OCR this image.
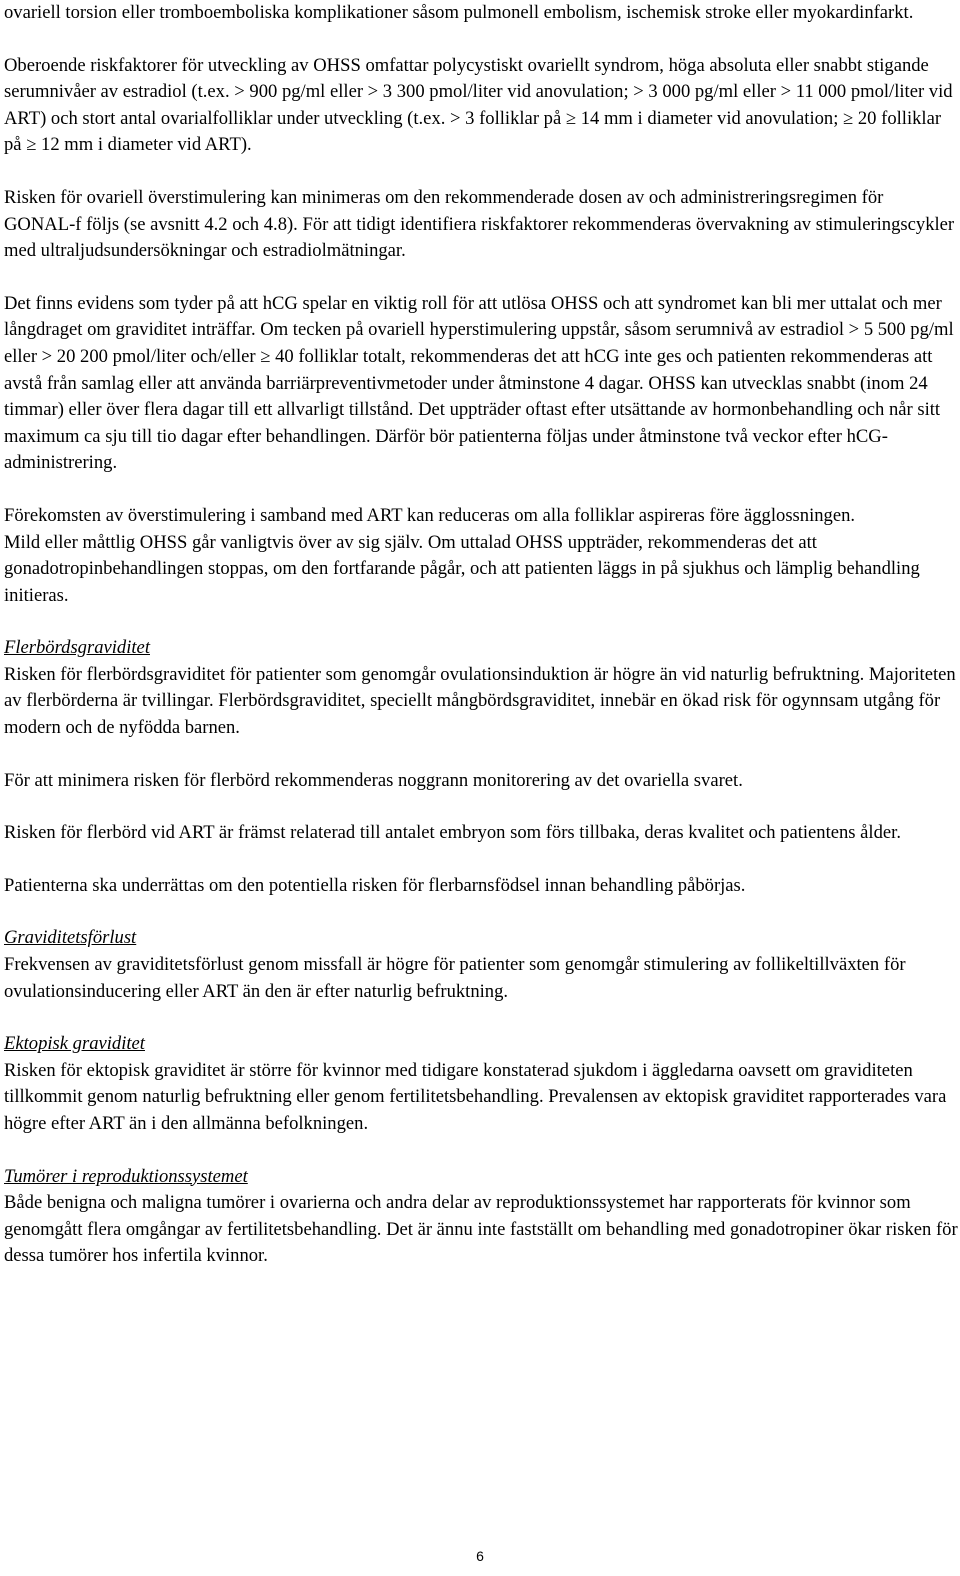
ovariell torsion eller tromboemboliska komplikationer såsom pulmonell embolism, ischemisk stroke eller myokardinfarkt.

Oberoende riskfaktorer för utveckling av OHSS omfattar polycystiskt ovariellt syndrom, höga absoluta eller snabbt stigande serumnivåer av estradiol (t.ex. > 900 pg/ml eller > 3 300 pmol/liter vid anovulation; > 3 000 pg/ml eller > 11 000 pmol/liter vid ART) och stort antal ovarialfolliklar under utveckling (t.ex. > 3 folliklar på ≥ 14 mm i diameter vid anovulation; ≥ 20 folliklar på ≥ 12 mm i diameter vid ART).

Risken för ovariell överstimulering kan minimeras om den rekommenderade dosen av och administreringsregimen för GONAL-f följs (se avsnitt 4.2 och 4.8). För att tidigt identifiera riskfaktorer rekommenderas övervakning av stimuleringscykler med ultraljudsundersökningar och estradiolmätningar.

Det finns evidens som tyder på att hCG spelar en viktig roll för att utlösa OHSS och att syndromet kan bli mer uttalat och mer långdraget om graviditet inträffar. Om tecken på ovariell hyperstimulering uppstår, såsom serumnivå av estradiol > 5 500 pg/ml eller > 20 200 pmol/liter och/eller ≥ 40 folliklar totalt, rekommenderas det att hCG inte ges och patienten rekommenderas att avstå från samlag eller att använda barriärpreventivmetoder under åtminstone 4 dagar. OHSS kan utvecklas snabbt (inom 24 timmar) eller över flera dagar till ett allvarligt tillstånd. Det uppträder oftast efter utsättande av hormonbehandling och når sitt maximum ca sju till tio dagar efter behandlingen. Därför bör patienterna följas under åtminstone två veckor efter hCG-administrering.

Förekomsten av överstimulering i samband med ART kan reduceras om alla folliklar aspireras före ägglossningen.

Mild eller måttlig OHSS går vanligtvis över av sig själv. Om uttalad OHSS uppträder, rekommenderas det att gonadotropinbehandlingen stoppas, om den fortfarande pågår, och att patienten läggs in på sjukhus och lämplig behandling initieras.

Flerbördsgraviditet

Risken för flerbördsgraviditet för patienter som genomgår ovulationsinduktion är högre än vid naturlig befruktning. Majoriteten av flerbörderna är tvillingar. Flerbördsgraviditet, speciellt mångbördsgraviditet, innebär en ökad risk för ogynnsam utgång för modern och de nyfödda barnen.

För att minimera risken för flerbörd rekommenderas noggrann monitorering av det ovariella svaret.

Risken för flerbörd vid ART är främst relaterad till antalet embryon som förs tillbaka, deras kvalitet och patientens ålder.

Patienterna ska underrättas om den potentiella risken för flerbarnsfödsel innan behandling påbörjas.

Graviditetsförlust

Frekvensen av graviditetsförlust genom missfall är högre för patienter som genomgår stimulering av follikeltillväxten för ovulationsinducering eller ART än den är efter naturlig befruktning.

Ektopisk graviditet

Risken för ektopisk graviditet är större för kvinnor med tidigare konstaterad sjukdom i äggledarna oavsett om graviditeten tillkommit genom naturlig befruktning eller genom fertilitetsbehandling. Prevalensen av ektopisk graviditet rapporterades vara högre efter ART än i den allmänna befolkningen.

Tumörer i reproduktionssystemet

Både benigna och maligna tumörer i ovarierna och andra delar av reproduktionssystemet har rapporterats för kvinnor som genomgått flera omgångar av fertilitetsbehandling. Det är ännu inte fastställt om behandling med gonadotropiner ökar risken för dessa tumörer hos infertila kvinnor.

6
